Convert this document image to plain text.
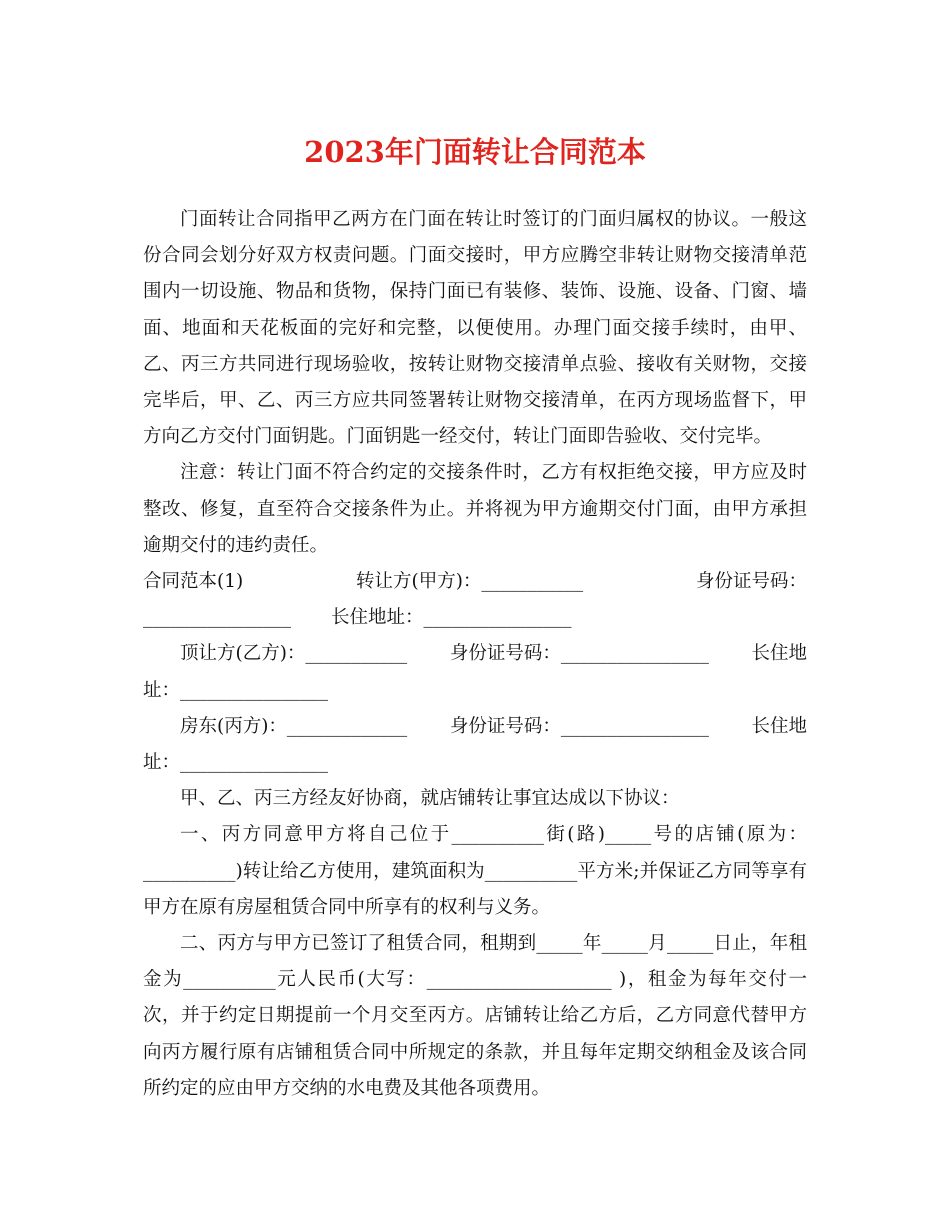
2023年门面转让合同范本

门面转让合同指甲乙两方在门面在转让时签订的门面归属权的协议。一般这份合同会划分好双方权责问题。门面交接时，甲方应腾空非转让财物交接清单范围内一切设施、物品和货物，保持门面已有装修、装饰、设施、设备、门窗、墙面、地面和天花板面的完好和完整，以便使用。办理门面交接手续时，由甲、乙、丙三方共同进行现场验收，按转让财物交接清单点验、接收有关财物，交接完毕后，甲、乙、丙三方应共同签署转让财物交接清单，在丙方现场监督下，甲方向乙方交付门面钥匙。门面钥匙一经交付，转让门面即告验收、交付完毕。

注意：转让门面不符合约定的交接条件时，乙方有权拒绝交接，甲方应及时整改、修复，直至符合交接条件为止。并将视为甲方逾期交付门面，由甲方承担逾期交付的违约责任。

合同范本(1)	转让方(甲方)：___________	身份证号码：
________________ 长住地址：________________
顶让方(乙方)：___________ 身份证号码：________________ 长住地
址：________________
房东(丙方)：_____________ 身份证号码：________________ 长住地
址：________________

甲、乙、丙三方经友好协商，就店铺转让事宜达成以下协议：

一、丙方同意甲方将自己位于__________街(路)_____号的店铺(原为：__________)转让给乙方使用，建筑面积为__________平方米;并保证乙方同等享有甲方在原有房屋租赁合同中所享有的权利与义务。

二、丙方与甲方已签订了租赁合同，租期到_____年_____月_____日止，年租金为__________元人民币(大写：____________________ )，租金为每年交付一次，并于约定日期提前一个月交至丙方。店铺转让给乙方后，乙方同意代替甲方向丙方履行原有店铺租赁合同中所规定的条款，并且每年定期交纳租金及该合同所约定的应由甲方交纳的水电费及其他各项费用。
